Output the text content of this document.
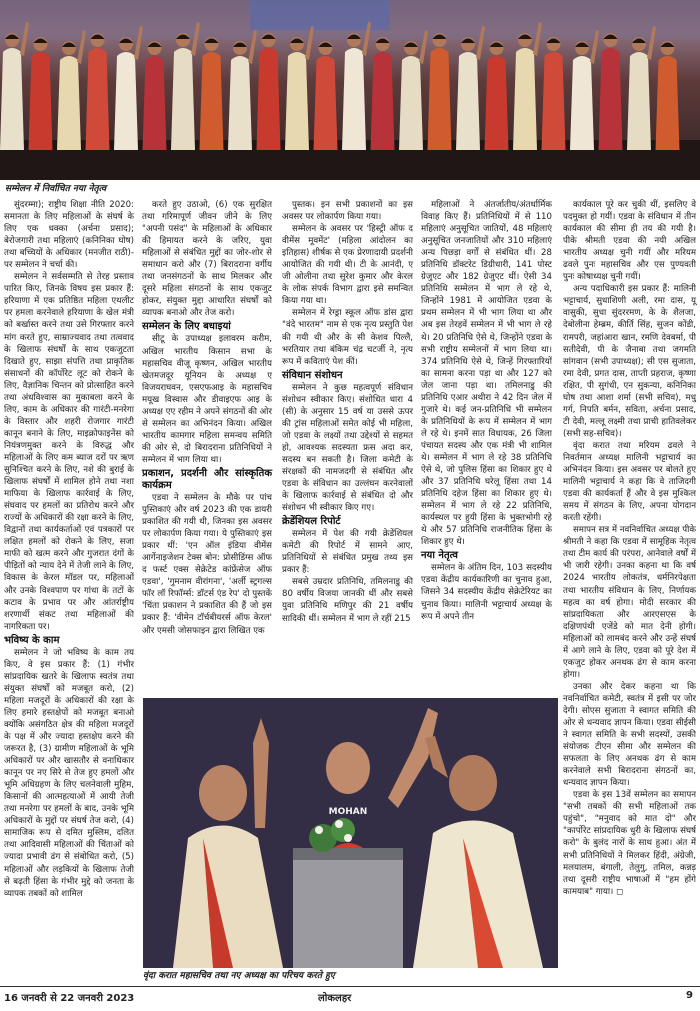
सम्मेलन में निर्वाचित नया नेतृत्व

सुंदरम्मा); राष्ट्रीय शिक्षा नीति 2020: समानता के लिए महिलाओं के संघर्ष के लिए एक धक्का (अर्चना प्रसाद); बेरोजगारी तथा महिलाएं (कनिनिका घोष) तथा बच्चियों के अधिकार (मनजीत राठी)- पर सम्मेलन ने चर्चा की।

सम्मेलन ने सर्वसम्मति से तेरह प्रस्ताव पारित किए, जिनके विषय इस प्रकार हैं: हरियाणा में एक प्रतिष्ठित महिला एथलीट पर हमला करनेवाले हरियाणा के खेल मंत्री को बर्खास्त करने तथा उसे गिरफ्तार करने मांग करते हुए, साम्राज्यवाद तथा तत्ववाद के खिलाफ संघर्षों के साथ एकजुटता दिखाते हुए, साझा संपत्ति तथा प्राकृतिक संसाधनों की कॉर्पोरेट लूट को रोकने के लिए, वैज्ञानिक चिन्तन को प्रोत्साहित करने तथा अंधविश्वास का मुकाबला करने के लिए, काम के अधिकार की गारंटी-मनरेगा के विस्तार और शहरी रोजगार गारंटी कानून बनाने के लिए, माइक्रोफाइनेंस को नियंत्रणमुक्त करने के विरुद्ध और महिलाओं के लिए कम ब्याज दरों पर ऋण सुनिश्चित करने के लिए, नशे की बुराई के खिलाफ संघर्षों में शामिल होने तथा नशा माफिया के खिलाफ कार्रवाई के लिए, संघवाद पर हमलों का प्रतिरोध करने और राज्यों के अधिकारों की रक्षा करने के लिए, विद्वानों तथा कार्यकर्ताओं एवं पत्रकारों पर लक्षित हमलों को रोकने के लिए, सजा माफी को खत्म करने और गुजरात दंगों के पीड़ितों को न्याय देने में तेजी लाने के लिए, विकास के केरल मॉडल पर, महिलाओं और उनके विश्वपाण पर गांधा के तटों के कटाव के प्रभाव पर और आंतर्राष्ट्रीय शरणार्थी संकट तथा महिलाओं की नागरिकता पर।

भविष्य के काम

सम्मेलन ने जो भविष्य के काम तय किए, वे इस प्रकार हैं: (1) गंभीर सांप्रदायिक खतरे के खिलाफ स्वतंत्र तथा संयुक्त संघर्षों को मजबूत करो, (2) महिला मजदूरों के अधिकारों की रक्षा के लिए हमारे हस्तक्षेपों को मजबूत बनाओ क्योंकि असंगठित क्षेत्र की महिला मजदूरों के पक्ष में और ज्यादा हस्तक्षेप करने की जरूरत है, (3) ग्रामीण महिलाओं के भूमि अधिकारों पर और खासतौर से वनाधिकार कानून पर नए सिरे से तेज हुए हमलों और भूमि अधिग्रहण के लिए चलनेवाली मुहिम, किसानों की आत्महत्याओं में आयी तेजी तथा मनरेगा पर हमलों के बाद, उनके भूमि अधिकारों के मुद्दों पर संघर्ष तेज करो, (4) सामाजिक रूप से दमित मुस्लिम, दलित तथा आदिवासी महिलाओं की चिंताओं को ज्यादा प्रभावी ढंग से संबोधित करो, (5) महिलाओं और लड़कियों के खिलाफ तेजी से बढ़ती हिंसा के गंभीर मुद्दे को जनता के व्यापक तबकों को शामिल

करते हुए उठाओ, (6) एक सुरक्षित तथा गरिमापूर्ण जीवन जीने के लिए "अपनी पसंद" के महिलाओं के अधिकार की हिमायत करने के जरिए, युवा महिलाओं से संबंधित मुद्दों का जोर-शोर से समाधान करो और (7) बिरादराना वर्गीय तथा जनसंगठनों के साथ मिलकर और दूसरे महिला संगठनों के साथ एकजुट होकर, संयुक्त मुद्दा आधारित संघर्षों को व्यापक बनाओ और तेज करो।

सम्मेलन के लिए बधाइयां

सीटू के उपाध्यक्ष इलावरम करीम, अखिल भारतीय किसान सभा के महासचिव वीजू कृष्णन, अखिल भारतीय खेतमजदूर यूनियन के अध्यक्ष ए विजयराघवन, एसएफआइ के महासचिव मयूख विस्वास और डीवाइएफ आइ के अध्यक्ष एए रहीम ने अपने संगठनों की ओर से सम्मेलन का अभिनंदन किया। अखिल भारतीय कामगार महिला समन्वय समिति की ओर से, दो बिरादराना प्रतिनिधियों ने सम्मेलन में भाग लिया था।

प्रकाशन, प्रदर्शनी और सांस्कृतिक कार्यक्रम

एडवा ने सम्मेलन के मौके पर पांच पुस्तिकाएं और वर्ष 2023 की एक डायरी प्रकाशित की गयी थी, जिनका इस अवसर पर लोकार्पण किया गया। ये पुस्तिकाएं इस प्रकार थीं: 'एन ऑल इंडिया वीमेंस आर्गेनाइजेशन टेक्स बोन: प्रोसीडिंग्स ऑफ द फर्स्ट एक्स सेक्रेटेड कांफ्रेंसेज ऑफ एडवा', 'गुमनाम वीरांगना', 'अर्ली स्ट्रगल्स फॉर लॉ रिफॉर्म्स: डॉटर्स एंड रेप' दो पुस्तकें 'चिंता प्रकाशन ने प्रकाशित की हैं जो इस प्रकार हैं: 'वीमेन टॉर्चबीयरर्स ऑफ केरल' और एमसी जोसफाइन द्वारा लिखित एक

पुस्तक। इन सभी प्रकाशनों का इस अवसर पर लोकार्पण किया गया।

सम्मेलन के अवसर पर 'हिस्ट्री ऑफ द वीमेंस मूवमेंट' (महिला आंदोलन का इतिहास) शीर्षक से एक प्रेरणादायी प्रदर्शनी आयोजित की गयी थी। टी के आनंदी, ए जी ओलीना तथा सुरेश कुमार और केरल के लोक संपर्क विभाग द्वारा इसे समन्वित किया गया था।

सम्मेलन में रेग्ड्रा स्कूल ऑफ डांस द्वारा "वंदे भारतम" नाम से एक नृत्य प्रस्तुति पेश की गयी थी और के सी केशव पिल्लै, भरतियार तथा बंकिम चंद्र चटर्जी ने, नृत्य रूप में कविताएं पेश कीं।

संविधान संशोधन

सम्मेलन ने कुछ महत्वपूर्ण संविधान संशोधन स्वीकार किए। संशोधित धारा 4 (सी) के अनुसार 15 वर्ष या उससे ऊपर की ट्रांस महिलाओं समेत कोई भी महिला, जो एडवा के लक्ष्यों तथा उद्देश्यों से सहमत हो, आवश्यक सदस्यता फ्रस अदा कर, सदस्य बन सकती है। जिला कमेटी के संरक्षकों की नामजदगी से संबंधित और एडवा के संविधान का उल्लंघन करनेवालों के खिलाफ कार्रवाई से संबंधित दो और संशोधन भी स्वीकार किए गए।

क्रेडेंशियल रिपोर्ट

सम्मेलन में पेश की गयी क्रेडेंशियल कमेटी की रिपोर्ट में सामने आए, प्रतिनिधियों से संबंधित प्रमुख तथ्य इस प्रकार हैं:

सबसे उम्रदार प्रतिनिधि, तमिलनाडु की 80 वर्षीय विजया जानकी थीं और सबसे युवा प्रतिनिधि मणिपुर की 21 वर्षीय सादिकी थीं। सम्मेलन में भाग ले रहीं 215

महिलाओं ने अंतर्जातीय/अंतर्धार्मिक विवाह किए हैं। प्रतिनिधियों में से 110 महिलाएं अनुसूचित जातियों, 48 महिलाएं अनुसूचित जनजातियों और 310 महिलाएं अन्य पिछड़ा वर्गों से संबंधित थीं। 28 प्रतिनिधि डॉक्टरेट डिग्रीधारी, 141 पोस्ट ग्रेजुएट और 182 ग्रेजुएट थीं। ऐसी 34 प्रतिनिधि सम्मेलन में भाग ले रहे थे, जिन्होंने 1981 में आयोजित एडवा के प्रथम सम्मेलन में भी भाग लिया था और अब इस तेरहवें सम्मेलन में भी भाग ले रहे थे। 20 प्रतिनिधि ऐसे थे, जिन्होंने एडवा के सभी राष्ट्रीय सम्मेलनों में भाग लिया था। 374 प्रतिनिधि ऐसे थे, जिन्हें गिरफ्तारियों का सामना करना पड़ा था और 127 को जेल जाना पड़ा था। तमिलनाडु की प्रतिनिधि एआर अथीरा ने 42 दिन जेल में गुजारे थे। कई जन-प्रतिनिधि भी सम्मेलन के प्रतिनिधियों के रूप में सम्मेलन में भाग ले रहे थे। इनमें सात विधायक, 26 जिला पंचायत सदस्य और एक मंत्री भी शामिल थे। सम्मेलन में भाग ले रहे 38 प्रतिनिधि ऐसे थे, जो पुलिस हिंसा का शिकार हुए थे और 37 प्रतिनिधि घरेलू हिंसा तथा 14 प्रतिनिधि दहेज हिंसा का शिकार हुए थे। सम्मेलन में भाग ले रहे 22 प्रतिनिधि, कार्यस्थल पर हुयी हिंसा के भुक्तभोगी रहे थे और 57 प्रतिनिधि राजनीतिक हिंसा के शिकार हुए थे।

नया नेतृत्व

सम्मेलन के अंतिम दिन, 103 सदस्यीय एडवा केंद्रीय कार्यकारिणी का चुनाव हुआ, जिसने 34 सदस्यीय केंद्रीय सेक्रेटेरियट का चुनाव किया। मालिनी भट्टाचार्य अध्यक्ष के रूप में अपने तीन

कार्यकाल पूरे कर चुकी थीं, इसलिए वे पदमुक्त हो गयीं। एडवा के संविधान में तीन कार्यकाल की सीमा ही तय की गयी है। पीके श्रीमती एडवा की नयी अखिल भारतीय अध्यक्ष चुनी गयीं और मरियम ढवले पुनः महासचिव और एस पुण्यवती पुनः कोषाध्यक्ष चुनी गयीं।

अन्य पदाधिकारी इस प्रकार हैं: मालिनी भट्टाचार्य, सुधाशिणी अली, रमा दास, यू वासुकी, सुधा सुंदररमण, के के शैलजा, देबोलीना हेम्ब्रम, कीर्ति सिंह, सुजन कोंडी, रामपरी, जहांआरा खान, रमणि देवबर्मा, पी सतीदेवी, पी के जैनाबा तथा जगमति सांगवान (सभी उपाध्यक्ष); सी एस सुजाता, रमा देवी, प्रगत दास, ताप्ती प्रहराज, कृष्णा रक्षित, पी सुगंधी, एन सुकन्या, कनिनिका घोष तथा आशा शर्मा (सभी सचिव), मधु गर्ग, निपति बर्मन, सविता, अर्चना प्रसाद, टी देवी, मल्लू लक्ष्मी तथा प्राची हातिवलेकर (सभी सह-सचिव)।

वृंदा करात तथा मरियम ढवले ने निवर्तमान अध्यक्ष मालिनी भट्टाचार्य का अभिनंदन किया। इस अवसर पर बोलते हुए मालिनी भट्टाचार्य ने कहा कि वे ताजिदगी एडवा की कार्यकर्ता हैं और वे इस मुश्किल समय में संगठन के लिए, अपना योगदान करती रहेंगी।

समापन सत्र में नवनिर्वाचित अध्यक्ष पीके श्रीमती ने कहा कि एडवा में सामूहिक नेतृत्व तथा टीम कार्य की परंपरा, आनेवाले वर्षों में भी जारी रहेगी। उनका कहना था कि वर्ष 2024 भारतीय लोकतंत्र, धर्मनिरपेक्षता तथा भारतीय संविधान के लिए, निर्णायक महत्व का वर्ष होगा। मोदी सरकार की सांप्रदायिकता और आरएसएस के दक्षिणपंथी एजेंडे को मात देनी होगी। महिलाओं को लामबंद करने और उन्हें संघर्ष में आगे लाने के लिए, एडवा को पूरे देश में एकजुट होकर अनथक ढंग से काम करना होगा।

उनका और देकर कहना था कि नवनिर्वाचित कमेटी, स्वतंत्र में इसी पर जोर देगी। सोएस सुजाता ने स्वागत समिति की ओर से धन्यवाद ज्ञापन किया। एडवा सीईसी ने स्वागत समिति के सभी सदस्यों, उसकी संयोजक टीएन सीमा और सम्मेलन की सफलता के लिए अनथक ढंग से काम करनेवाले सभी बिरादराना संगठनों का, धन्यवाद ज्ञापन किया।

एडवा के इस 13वें सम्मेलन का समापन "सभी तबकों की सभी महिलाओं तक पहुंचो", "मनुवाद को मात दो" और "कार्पोरेट सांप्रदायिक धुरी के खिलाफ संघर्ष करो" के बुलंद नारों के साथ हुआ। अंत में सभी प्रतिनिधियों ने मिलकर हिंदी, अंग्रेजी, मलयालम, बंगाली, तेलुगु, तमिल, कन्नड़ तथा दूसरी राष्ट्रीय भाषाओं में "हम होंगे कामयाब" गाया। ◻

MOHAN
वृंदा करात महासचिव तथा नए अध्यक्ष का परिचय करते हुए
16 जनवरी से 22 जनवरी 2023	लोकलहर	9
